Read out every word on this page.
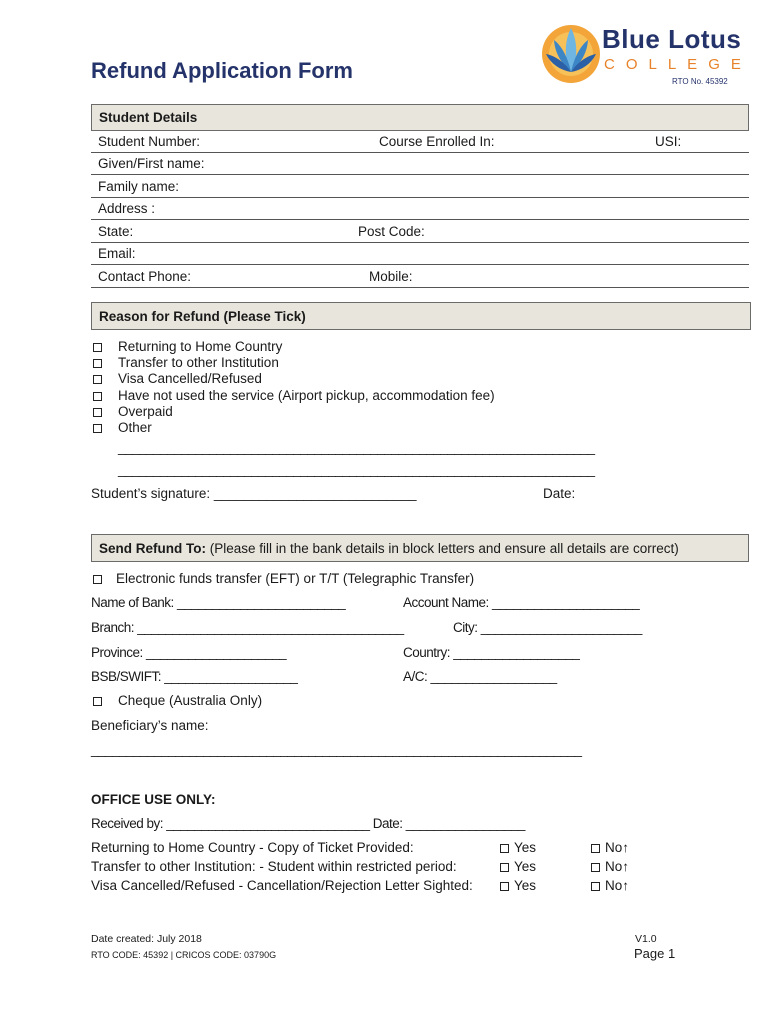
Refund Application Form
Blue Lotus
COLLEGE
RTO No. 45392
Student Details
Student Number:	Course Enrolled In:	USI:
Given/First name:
Family name:
Address :
State:	Post Code:
Email:
Contact Phone:	Mobile:
Reason for Refund (Please Tick)
Returning to Home Country
Transfer to other Institution
Visa Cancelled/Refused
Have not used the service (Airport pickup, accommodation fee)
Overpaid
Other
____________________________________________________________________
____________________________________________________________________
Student’s signature: ___________________________	Date:
Send Refund To: (Please fill in the bank details in block letters and ensure all details are correct)
Electronic funds transfer (EFT) or T/T (Telegraphic Transfer)
Name of Bank: ________________________	Account Name: _____________________
Branch: ______________________________________	City: _______________________
Province: ____________________	Country: __________________
BSB/SWIFT: ___________________	A/C: __________________
Cheque (Australia Only)
Beneficiary’s name:
______________________________________________________________________
OFFICE USE ONLY:
Received by: _____________________________ Date: _________________
Returning to Home Country - Copy of Ticket Provided:	Yes	No↑
Transfer to other Institution: - Student within restricted period:	Yes	No↑
Visa Cancelled/Refused - Cancellation/Rejection Letter Sighted:	Yes	No↑
Date created: July 2018
RTO CODE: 45392 | CRICOS CODE: 03790G
V1.0
Page 1
